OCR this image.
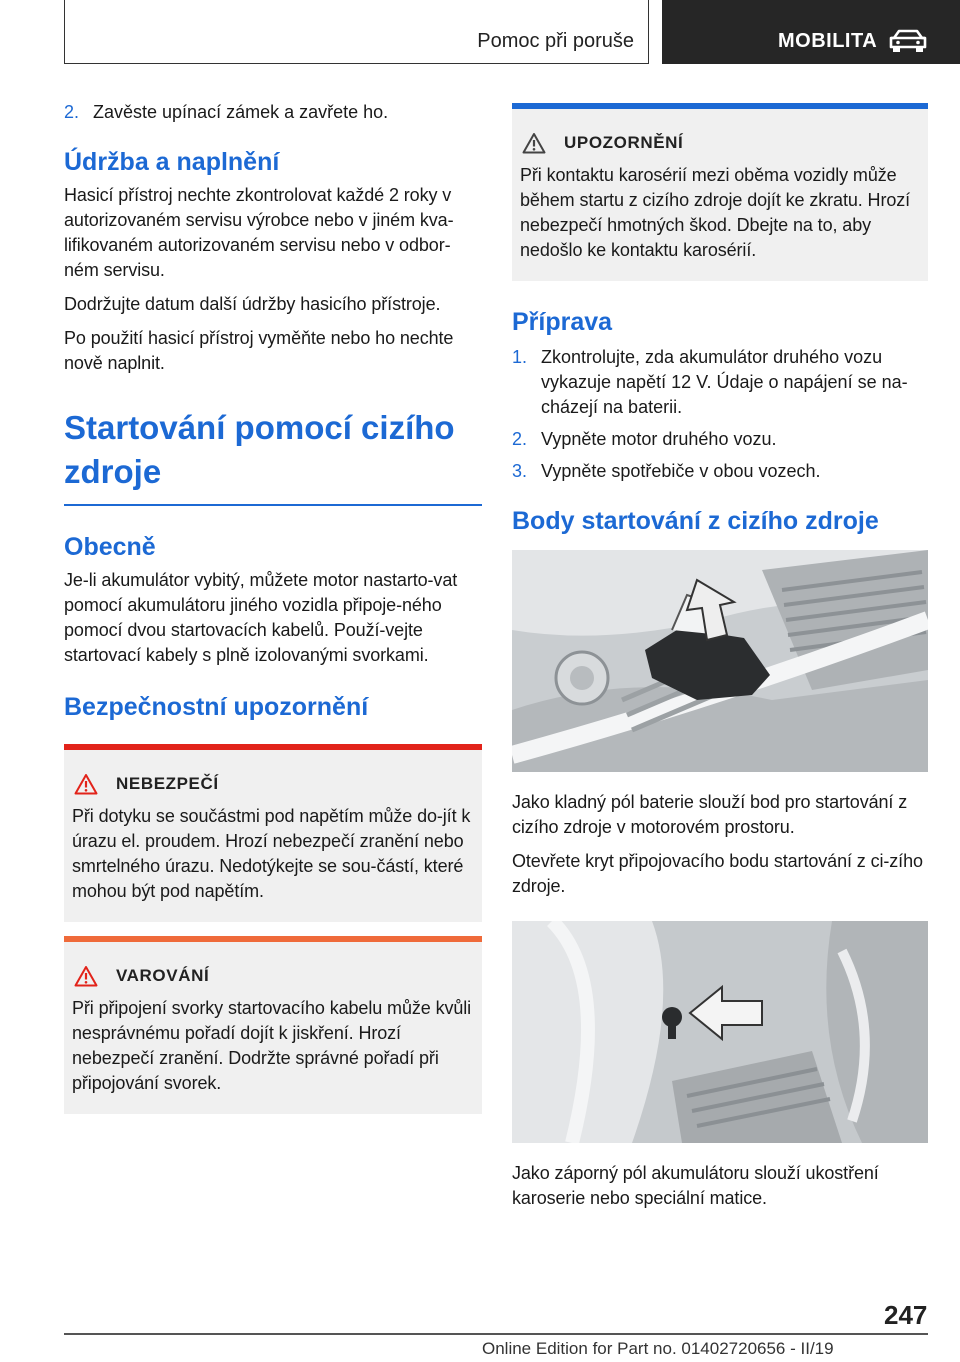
Pomoc při poruše	MOBILITA
2. Zavěste upínací zámek a zavřete ho.
Údržba a naplnění

Hasicí přístroj nechte zkontrolovat každé 2 roky v autorizovaném servisu výrobce nebo v jiném kva‐lifikovaném autorizovaném servisu nebo v odbor‐ném servisu.

Dodržujte datum další údržby hasicího přístroje.

Po použití hasicí přístroj vyměňte nebo ho nechte nově naplnit.

Startování pomocí cizího zdroje
Obecně

Je-li akumulátor vybitý, můžete motor nastarto‐vat pomocí akumulátoru jiného vozidla připoje‐ného pomocí dvou startovacích kabelů. Použí‐vejte startovací kabely s plně izolovanými svorkami.

Bezpečnostní upozornění
NEBEZPEČÍ

Při dotyku se součástmi pod napětím může do‐jít k úrazu el. proudem. Hrozí nebezpečí zranění nebo smrtelného úrazu. Nedotýkejte se sou‐částí, které mohou být pod napětím.

VAROVÁNÍ

Při připojení svorky startovacího kabelu může kvůli nesprávnému pořadí dojít k jiskření. Hrozí nebezpečí zranění. Dodržte správné pořadí při připojování svorek.

UPOZORNĚNÍ

Při kontaktu karosérií mezi oběma vozidly může během startu z cizího zdroje dojít ke zkratu. Hrozí nebezpečí hmotných škod. Dbejte na to, aby nedošlo ke kontaktu karosérií.

Příprava
1. Zkontrolujte, zda akumulátor druhého vozu vykazuje napětí 12 V. Údaje o napájení se na‐cházejí na baterii.
2. Vypněte motor druhého vozu.
3. Vypněte spotřebiče v obou vozech.
Body startování z cizího zdroje

Jako kladný pól baterie slouží bod pro startování z cizího zdroje v motorovém prostoru.

Otevřete kryt připojovacího bodu startování z ci‐zího zdroje.

Jako záporný pól akumulátoru slouží ukostření karoserie nebo speciální matice.

247
Online Edition for Part no. 01402720656 - II/19
